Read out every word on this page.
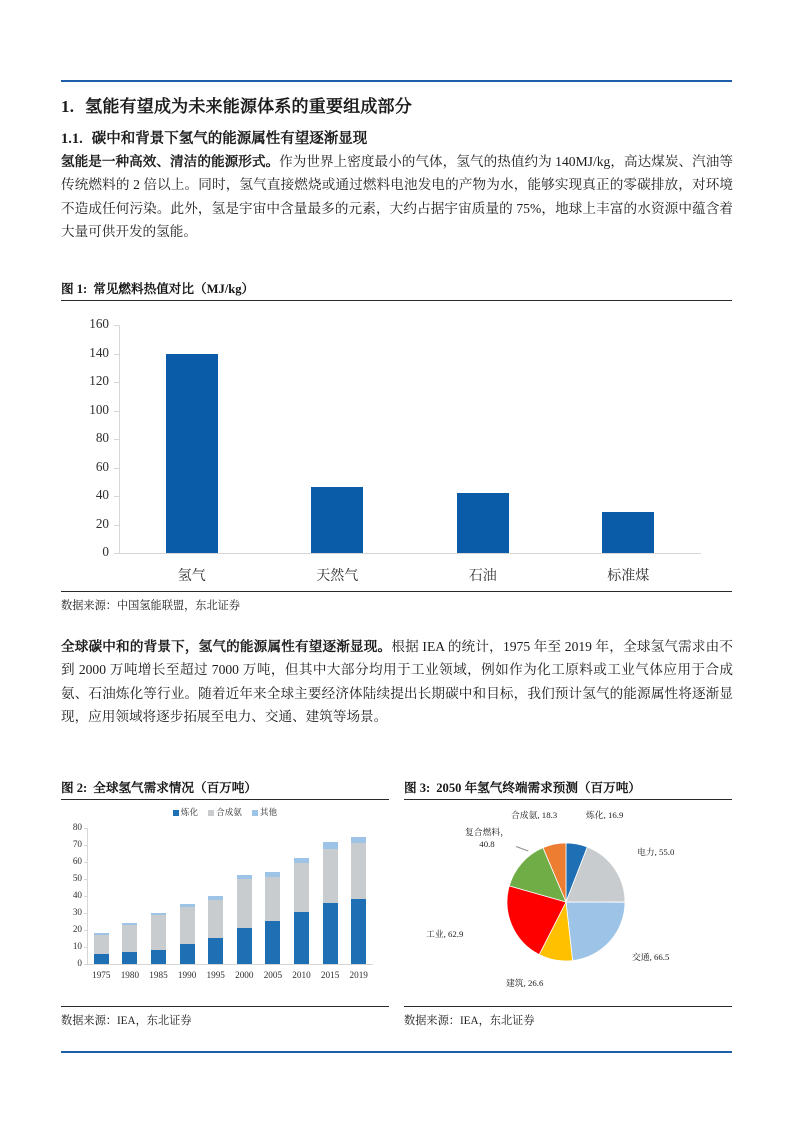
1. 氢能有望成为未来能源体系的重要组成部分
1.1. 碳中和背景下氢气的能源属性有望逐渐显现
氢能是一种高效、清洁的能源形式。作为世界上密度最小的气体，氢气的热值约为 140MJ/kg，高达煤炭、汽油等传统燃料的 2 倍以上。同时，氢气直接燃烧或通过燃料电池发电的产物为水，能够实现真正的零碳排放，对环境不造成任何污染。此外，氢是宇宙中含量最多的元素，大约占据宇宙质量的 75%，地球上丰富的水资源中蕴含着大量可供开发的氢能。
图 1: 常见燃料热值对比（MJ/kg）
0
20
40
60
80
100
120
140
160
氢气	天然气	石油	标准煤
数据来源：中国氢能联盟，东北证券
全球碳中和的背景下，氢气的能源属性有望逐渐显现。根据 IEA 的统计，1975 年至 2019 年，全球氢气需求由不到 2000 万吨增长至超过 7000 万吨，但其中大部分均用于工业领域，例如作为化工原料或工业气体应用于合成氨、石油炼化等行业。随着近年来全球主要经济体陆续提出长期碳中和目标，我们预计氢气的能源属性将逐渐显现，应用领域将逐步拓展至电力、交通、建筑等场景。
图 2: 全球氢气需求情况（百万吨）
炼化 合成氨 其他
0
10
20
30
40
50
60
70
80
1975	1980	1985	1990	1995	2000	2005	2010	2015	2019
数据来源：IEA，东北证券
图 3: 2050 年氢气终端需求预测（百万吨）
炼化, 16.9
电力, 55.0
交通, 66.5
建筑, 26.6
工业, 62.9
复合燃料，
40.8
合成氨, 18.3
数据来源：IEA，东北证券
